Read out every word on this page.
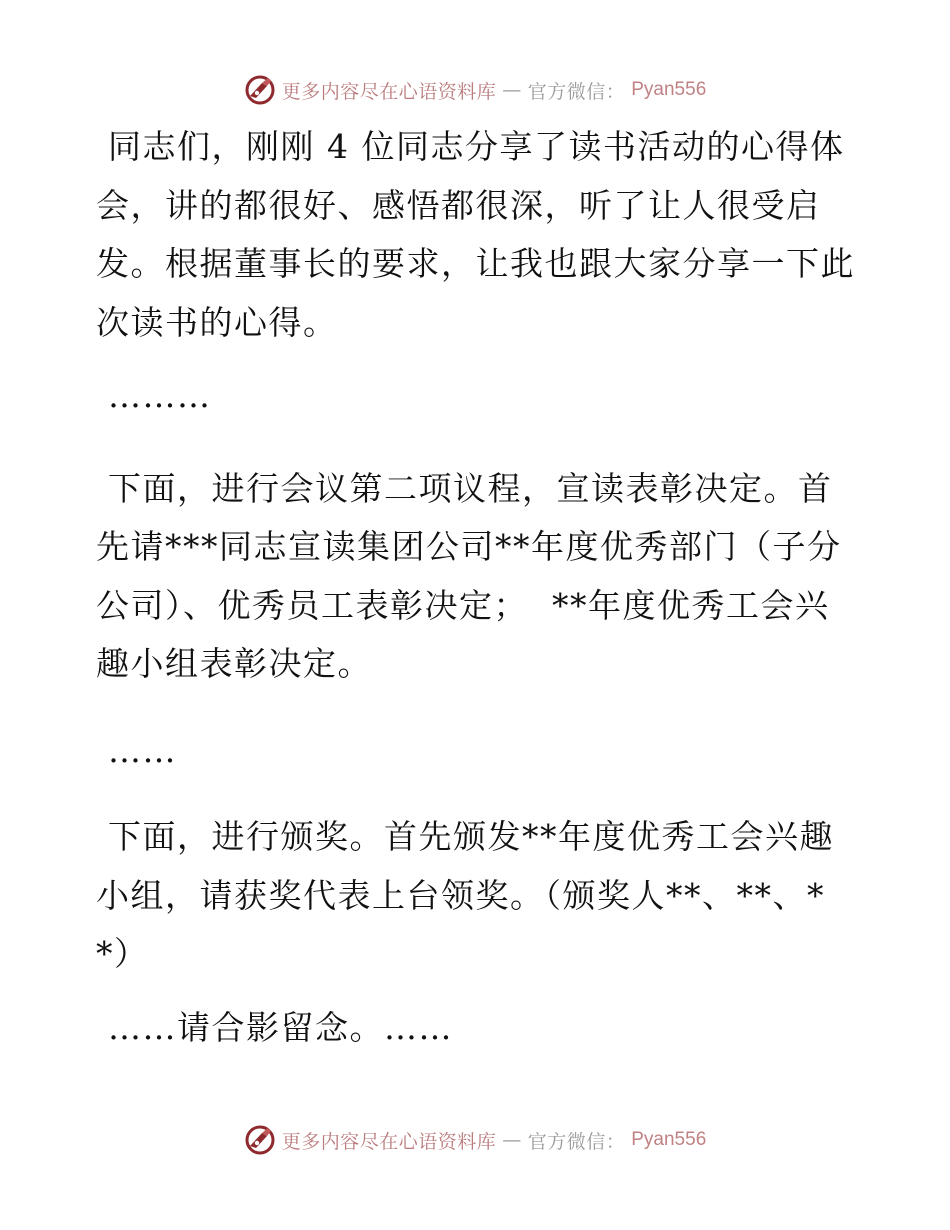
更多内容尽在心语资料库 — 官方微信： Pyan556

同志们，刚刚 4 位同志分享了读书活动的心得体会，讲的都很好、感悟都很深，听了让人很受启发。根据董事长的要求，让我也跟大家分享一下此次读书的心得。

………

下面，进行会议第二项议程，宣读表彰决定。首先请***同志宣读集团公司**年度优秀部门（子分公司）、优秀员工表彰决定；  **年度优秀工会兴趣小组表彰决定。

……

下面，进行颁奖。首先颁发**年度优秀工会兴趣小组，请获奖代表上台领奖。（颁奖人**、**、**）

……请合影留念。……

更多内容尽在心语资料库 — 官方微信： Pyan556
